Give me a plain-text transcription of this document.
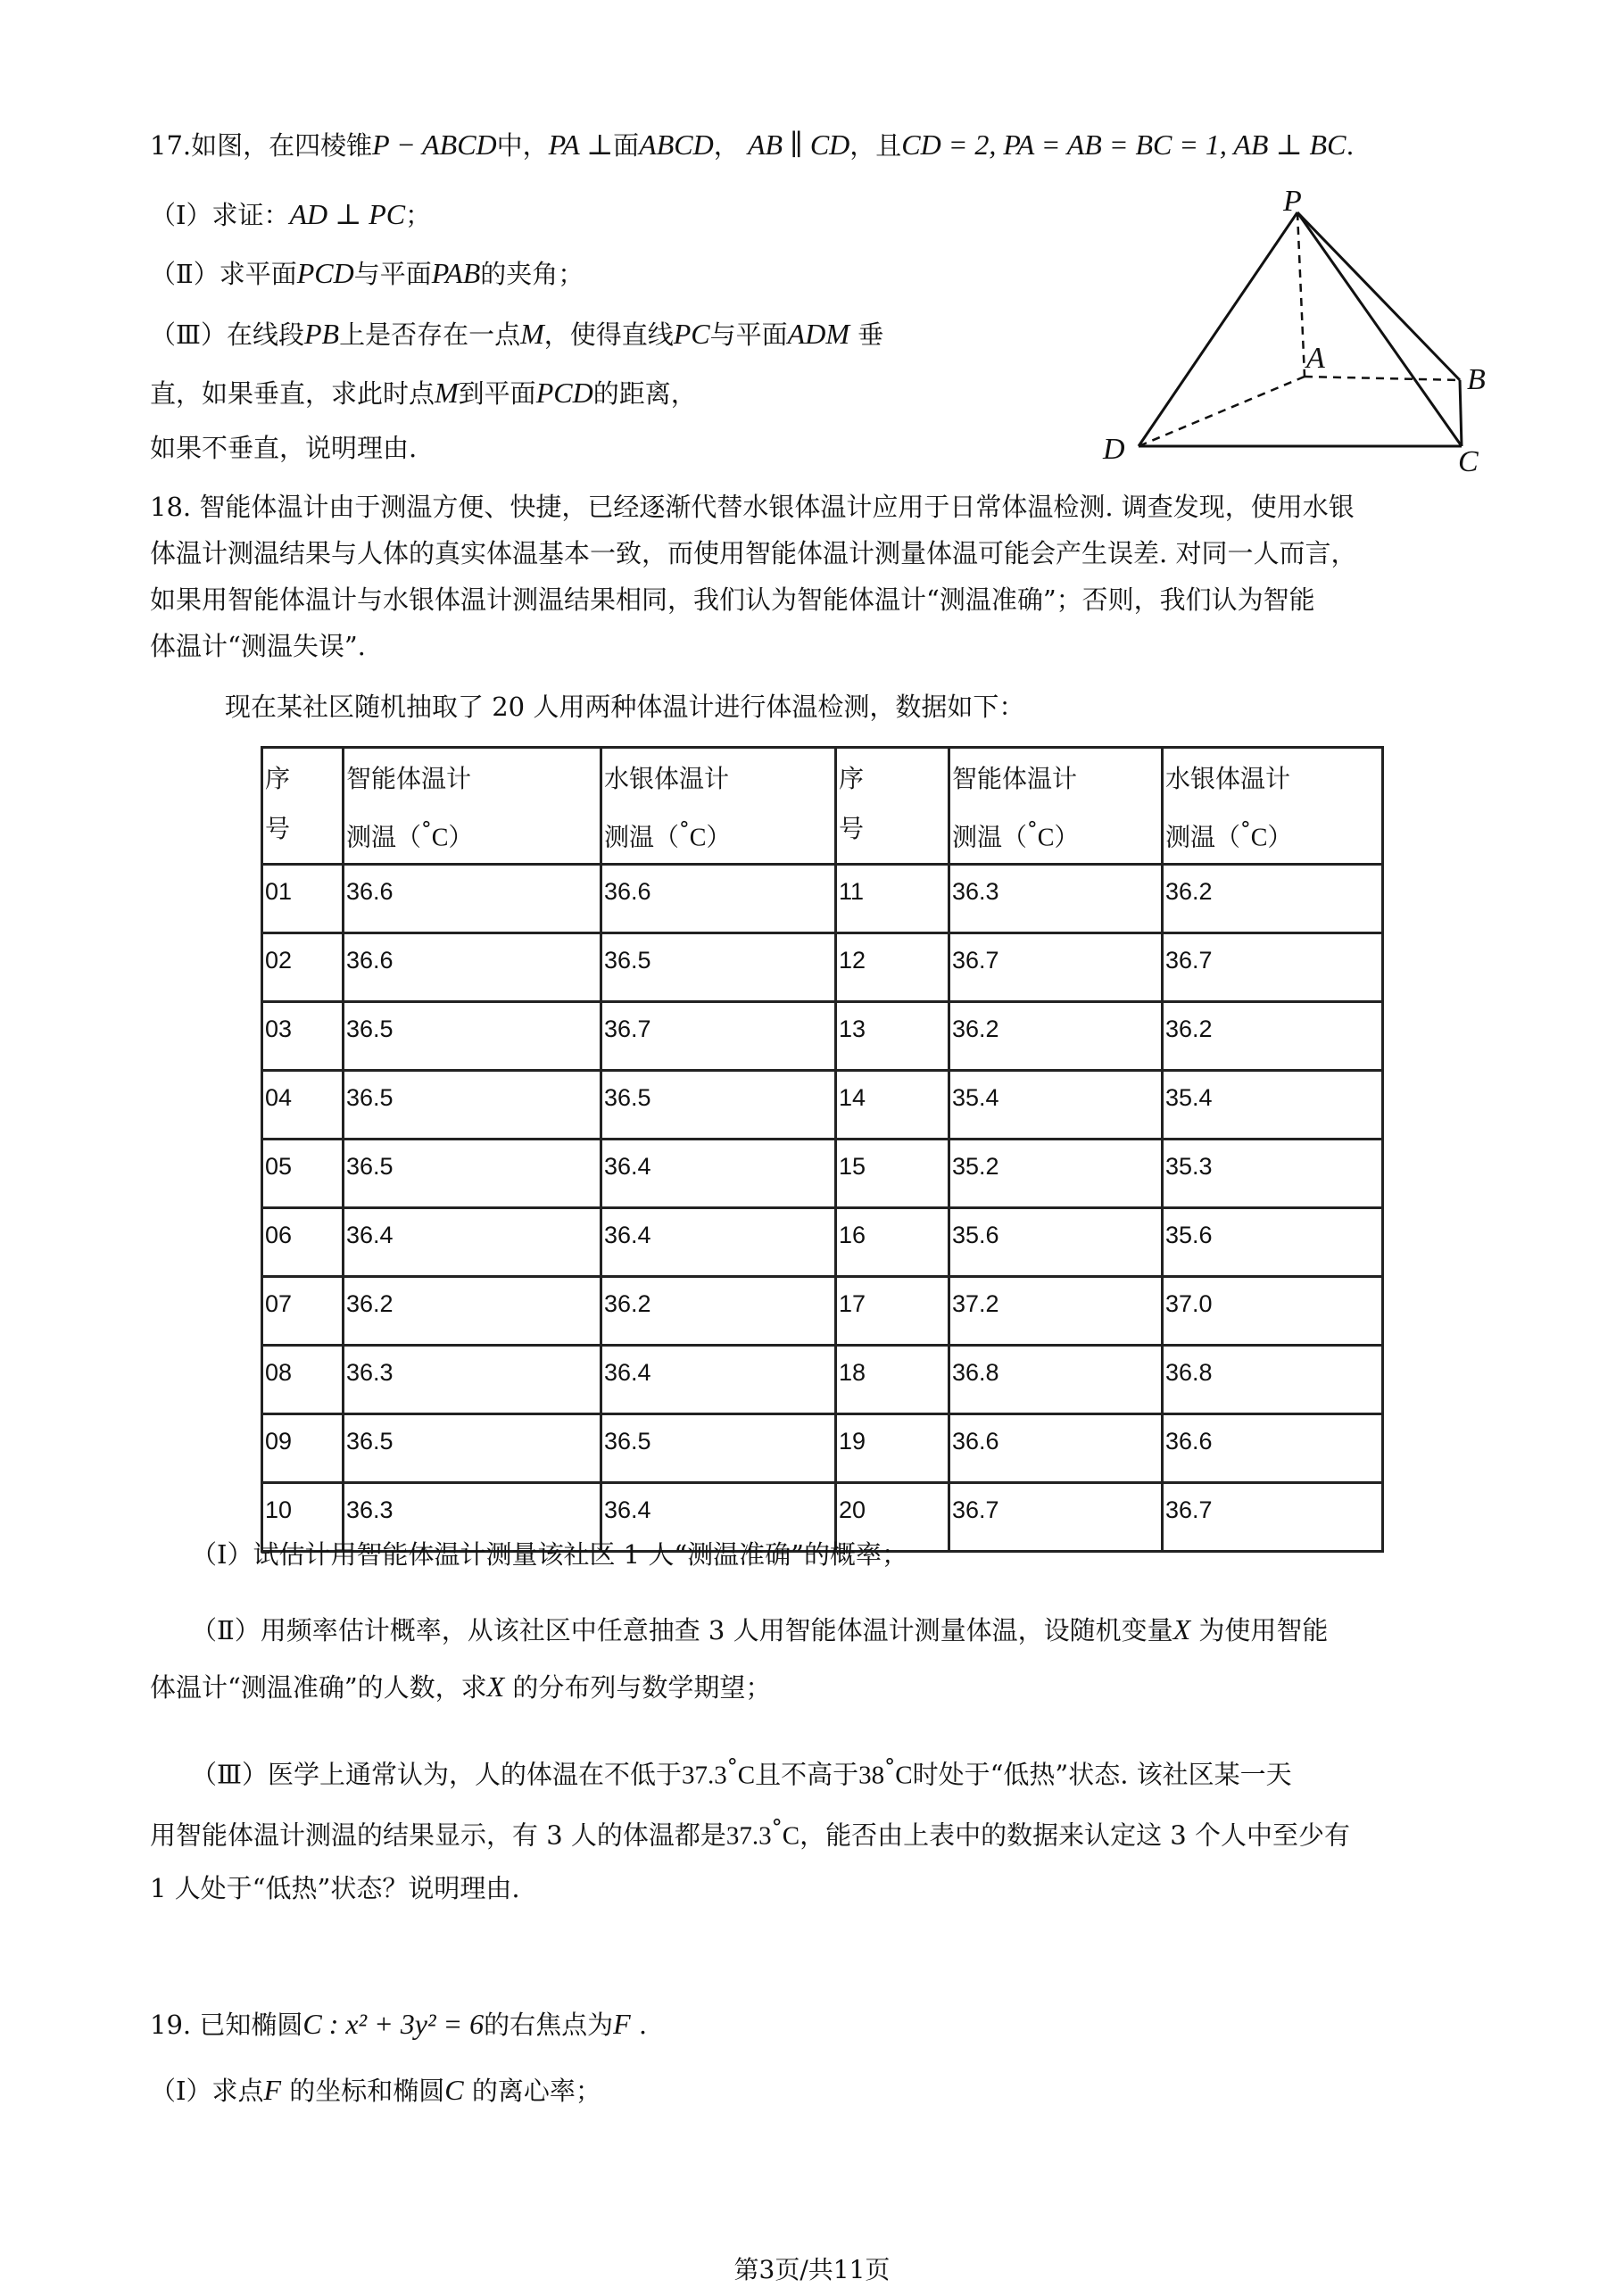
17.如图，在四棱锥P − ABCD中，PA ⊥面ABCD， AB ∥ CD，且CD = 2, PA = AB = BC = 1, AB ⊥ BC.
（Ⅰ）求证：AD ⊥ PC；
（Ⅱ）求平面PCD与平面PAB的夹角；
（Ⅲ）在线段PB上是否存在一点M，使得直线PC与平面ADM 垂
直，如果垂直，求此时点M到平面PCD的距离，
如果不垂直，说明理由.
P
A
B
C
D
18. 智能体温计由于测温方便、快捷，已经逐渐代替水银体温计应用于日常体温检测. 调查发现，使用水银
体温计测温结果与人体的真实体温基本一致，而使用智能体温计测量体温可能会产生误差. 对同一人而言，
如果用智能体温计与水银体温计测温结果相同，我们认为智能体温计“测温准确”；否则，我们认为智能
体温计“测温失误”.
现在某社区随机抽取了 20 人用两种体温计进行体温检测，数据如下：
序
号	智能体温计
测温（°C）	水银体温计
测温（°C）	序
号	智能体温计
测温（°C）	水银体温计
测温（°C）
01	36.6	36.6	11	36.3	36.2
02	36.6	36.5	12	36.7	36.7
03	36.5	36.7	13	36.2	36.2
04	36.5	36.5	14	35.4	35.4
05	36.5	36.4	15	35.2	35.3
06	36.4	36.4	16	35.6	35.6
07	36.2	36.2	17	37.2	37.0
08	36.3	36.4	18	36.8	36.8
09	36.5	36.5	19	36.6	36.6
10	36.3	36.4	20	36.7	36.7
（Ⅰ）试估计用智能体温计测量该社区 1 人“测温准确”的概率；
（Ⅱ）用频率估计概率，从该社区中任意抽查 3 人用智能体温计测量体温，设随机变量X 为使用智能
体温计“测温准确”的人数，求X 的分布列与数学期望；
（Ⅲ）医学上通常认为，人的体温在不低于37.3°C且不高于38°C时处于“低热”状态. 该社区某一天
用智能体温计测温的结果显示，有 3 人的体温都是37.3°C，能否由上表中的数据来认定这 3 个人中至少有
1 人处于“低热”状态？说明理由.
19. 已知椭圆C : x² + 3y² = 6的右焦点为F .
（Ⅰ）求点F 的坐标和椭圆C 的离心率；
第3页/共11页
